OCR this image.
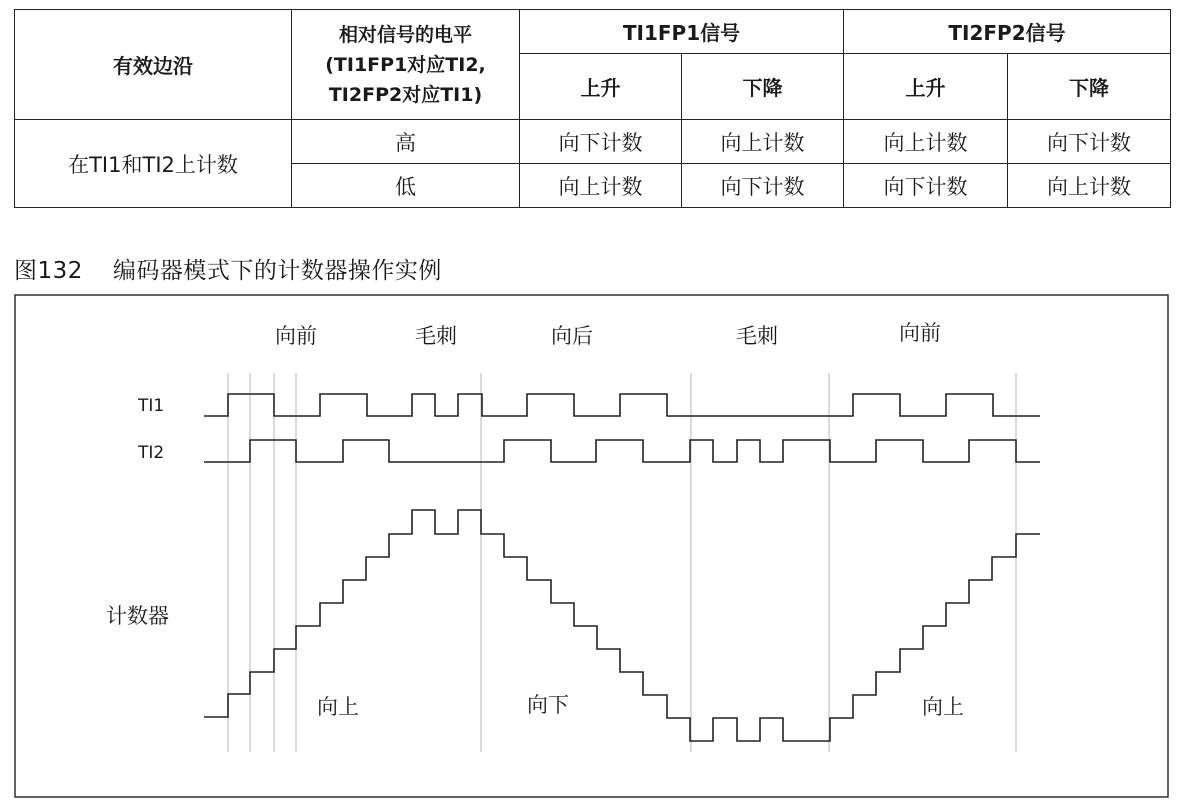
有效边沿	相对信号的电平
(TI1FP1对应TI2,
TI2FP2对应TI1)	TI1FP1信号		TI2FP2信号	
		上升	下降	上升	下降
在TI1和TI2上计数	高	向下计数	向上计数	向上计数	向下计数
	低	向上计数	向下计数	向下计数	向上计数
图132 编码器模式下的计数器操作实例
向前	毛刺	向后	毛刺	向前
TI1
TI2
计数器
向上	向下	向上
